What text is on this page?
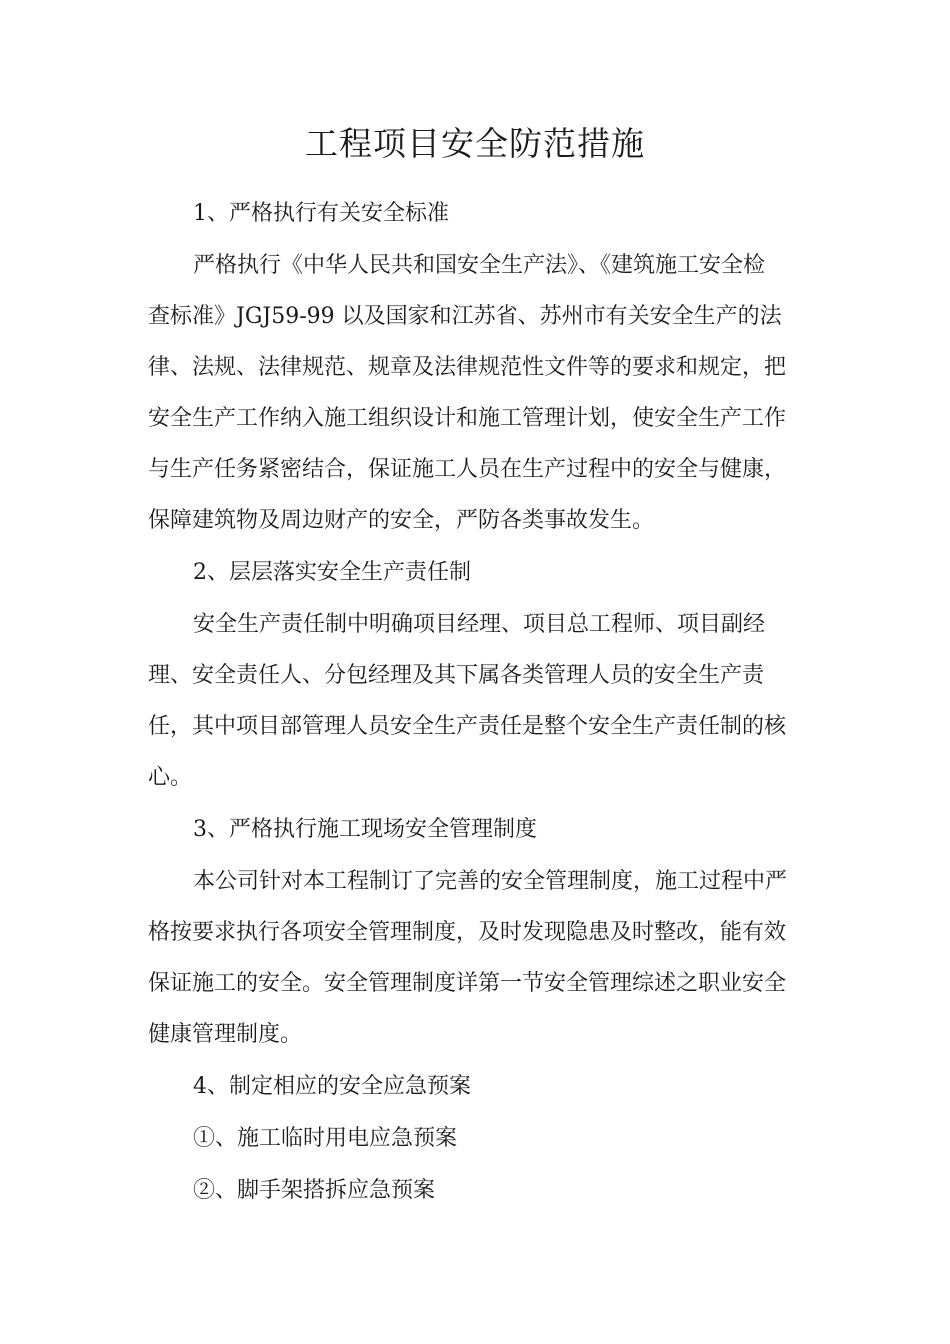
工程项目安全防范措施
1、严格执行有关安全标准
严格执行《中华人民共和国安全生产法》、《建筑施工安全检
查标准》JGJ59-99 以及国家和江苏省、苏州市有关安全生产的法
律、法规、法律规范、规章及法律规范性文件等的要求和规定，把
安全生产工作纳入施工组织设计和施工管理计划，使安全生产工作
与生产任务紧密结合，保证施工人员在生产过程中的安全与健康，
保障建筑物及周边财产的安全，严防各类事故发生。
2、层层落实安全生产责任制
安全生产责任制中明确项目经理、项目总工程师、项目副经
理、安全责任人、分包经理及其下属各类管理人员的安全生产责
任，其中项目部管理人员安全生产责任是整个安全生产责任制的核
心。
3、严格执行施工现场安全管理制度
本公司针对本工程制订了完善的安全管理制度，施工过程中严
格按要求执行各项安全管理制度，及时发现隐患及时整改，能有效
保证施工的安全。安全管理制度详第一节安全管理综述之职业安全
健康管理制度。
4、制定相应的安全应急预案
①、施工临时用电应急预案
②、脚手架搭拆应急预案
